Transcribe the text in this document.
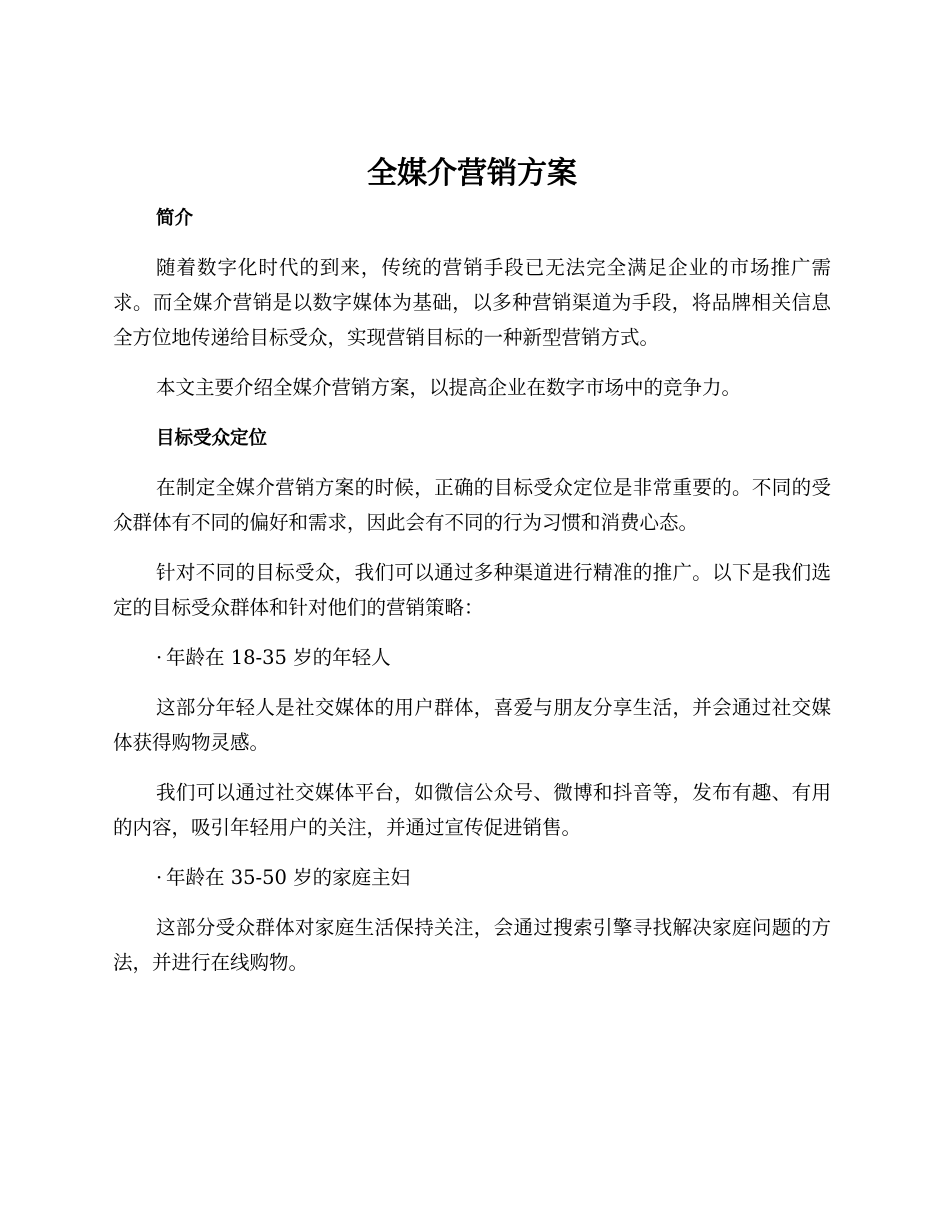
全媒介营销方案
简介

随着数字化时代的到来，传统的营销手段已无法完全满足企业的市场推广需求。而全媒介营销是以数字媒体为基础，以多种营销渠道为手段，将品牌相关信息全方位地传递给目标受众，实现营销目标的一种新型营销方式。

本文主要介绍全媒介营销方案，以提高企业在数字市场中的竞争力。

目标受众定位

在制定全媒介营销方案的时候，正确的目标受众定位是非常重要的。不同的受众群体有不同的偏好和需求，因此会有不同的行为习惯和消费心态。

针对不同的目标受众，我们可以通过多种渠道进行精准的推广。以下是我们选定的目标受众群体和针对他们的营销策略：

· 年龄在 18-35 岁的年轻人

这部分年轻人是社交媒体的用户群体，喜爱与朋友分享生活，并会通过社交媒体获得购物灵感。

我们可以通过社交媒体平台，如微信公众号、微博和抖音等，发布有趣、有用的内容，吸引年轻用户的关注，并通过宣传促进销售。

· 年龄在 35-50 岁的家庭主妇

这部分受众群体对家庭生活保持关注，会通过搜索引擎寻找解决家庭问题的方法，并进行在线购物。
